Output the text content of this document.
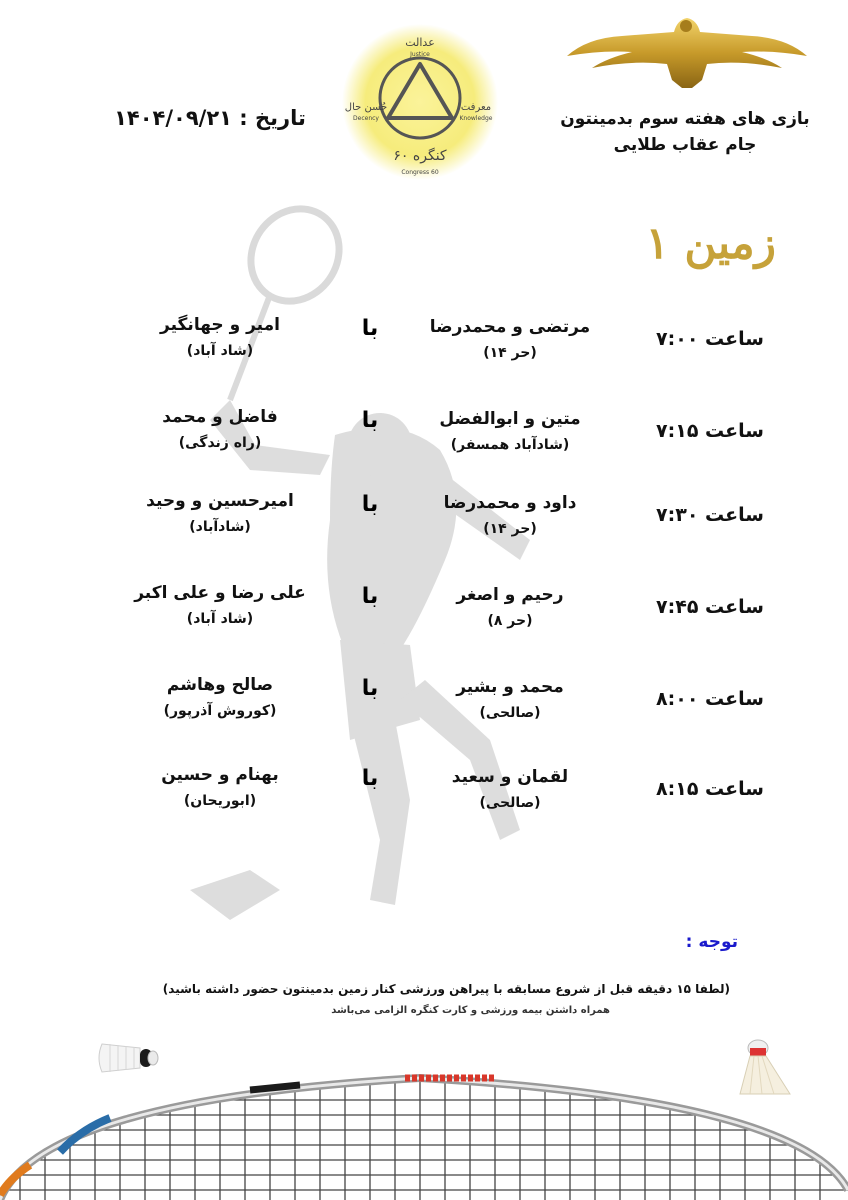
بازی های هفته سوم بدمینتون
جام عقاب طلایی
عدالت
Justice
حُسن حال
Decency
معرفت
Knowledge
کنگره ۶۰
Congress 60
تاریخ : ۱۴۰۴/۰۹/۲۱
زمین ۱
ساعت ۷:۰۰
مرتضی و محمدرضا
(حر ۱۴)
با
امیر و جهانگیر
(شاد آباد)
ساعت ۷:۱۵
متین و ابوالفضل
(شادآباد همسفر)
با
فاضل و محمد
(راه زندگی)
ساعت ۷:۳۰
داود و محمدرضا
(حر ۱۴)
با
امیرحسین و وحید
(شادآباد)
ساعت ۷:۴۵
رحیم و اصغر
(حر ۸)
با
علی رضا و علی اکبر
(شاد آباد)
ساعت ۸:۰۰
محمد و بشیر
(صالحی)
با
صالح وهاشم
(کوروش آذرپور)
ساعت ۸:۱۵
لقمان و سعید
(صالحی)
با
بهنام و حسین
(ابوریحان)
توجه :
(لطفا ۱۵ دقیقه قبل از شروع مسابقه با پیراهن ورزشی کنار زمین بدمینتون حضور داشته باشید)
همراه داشتن بیمه ورزشی و کارت کنگره الزامی می‌باشد
